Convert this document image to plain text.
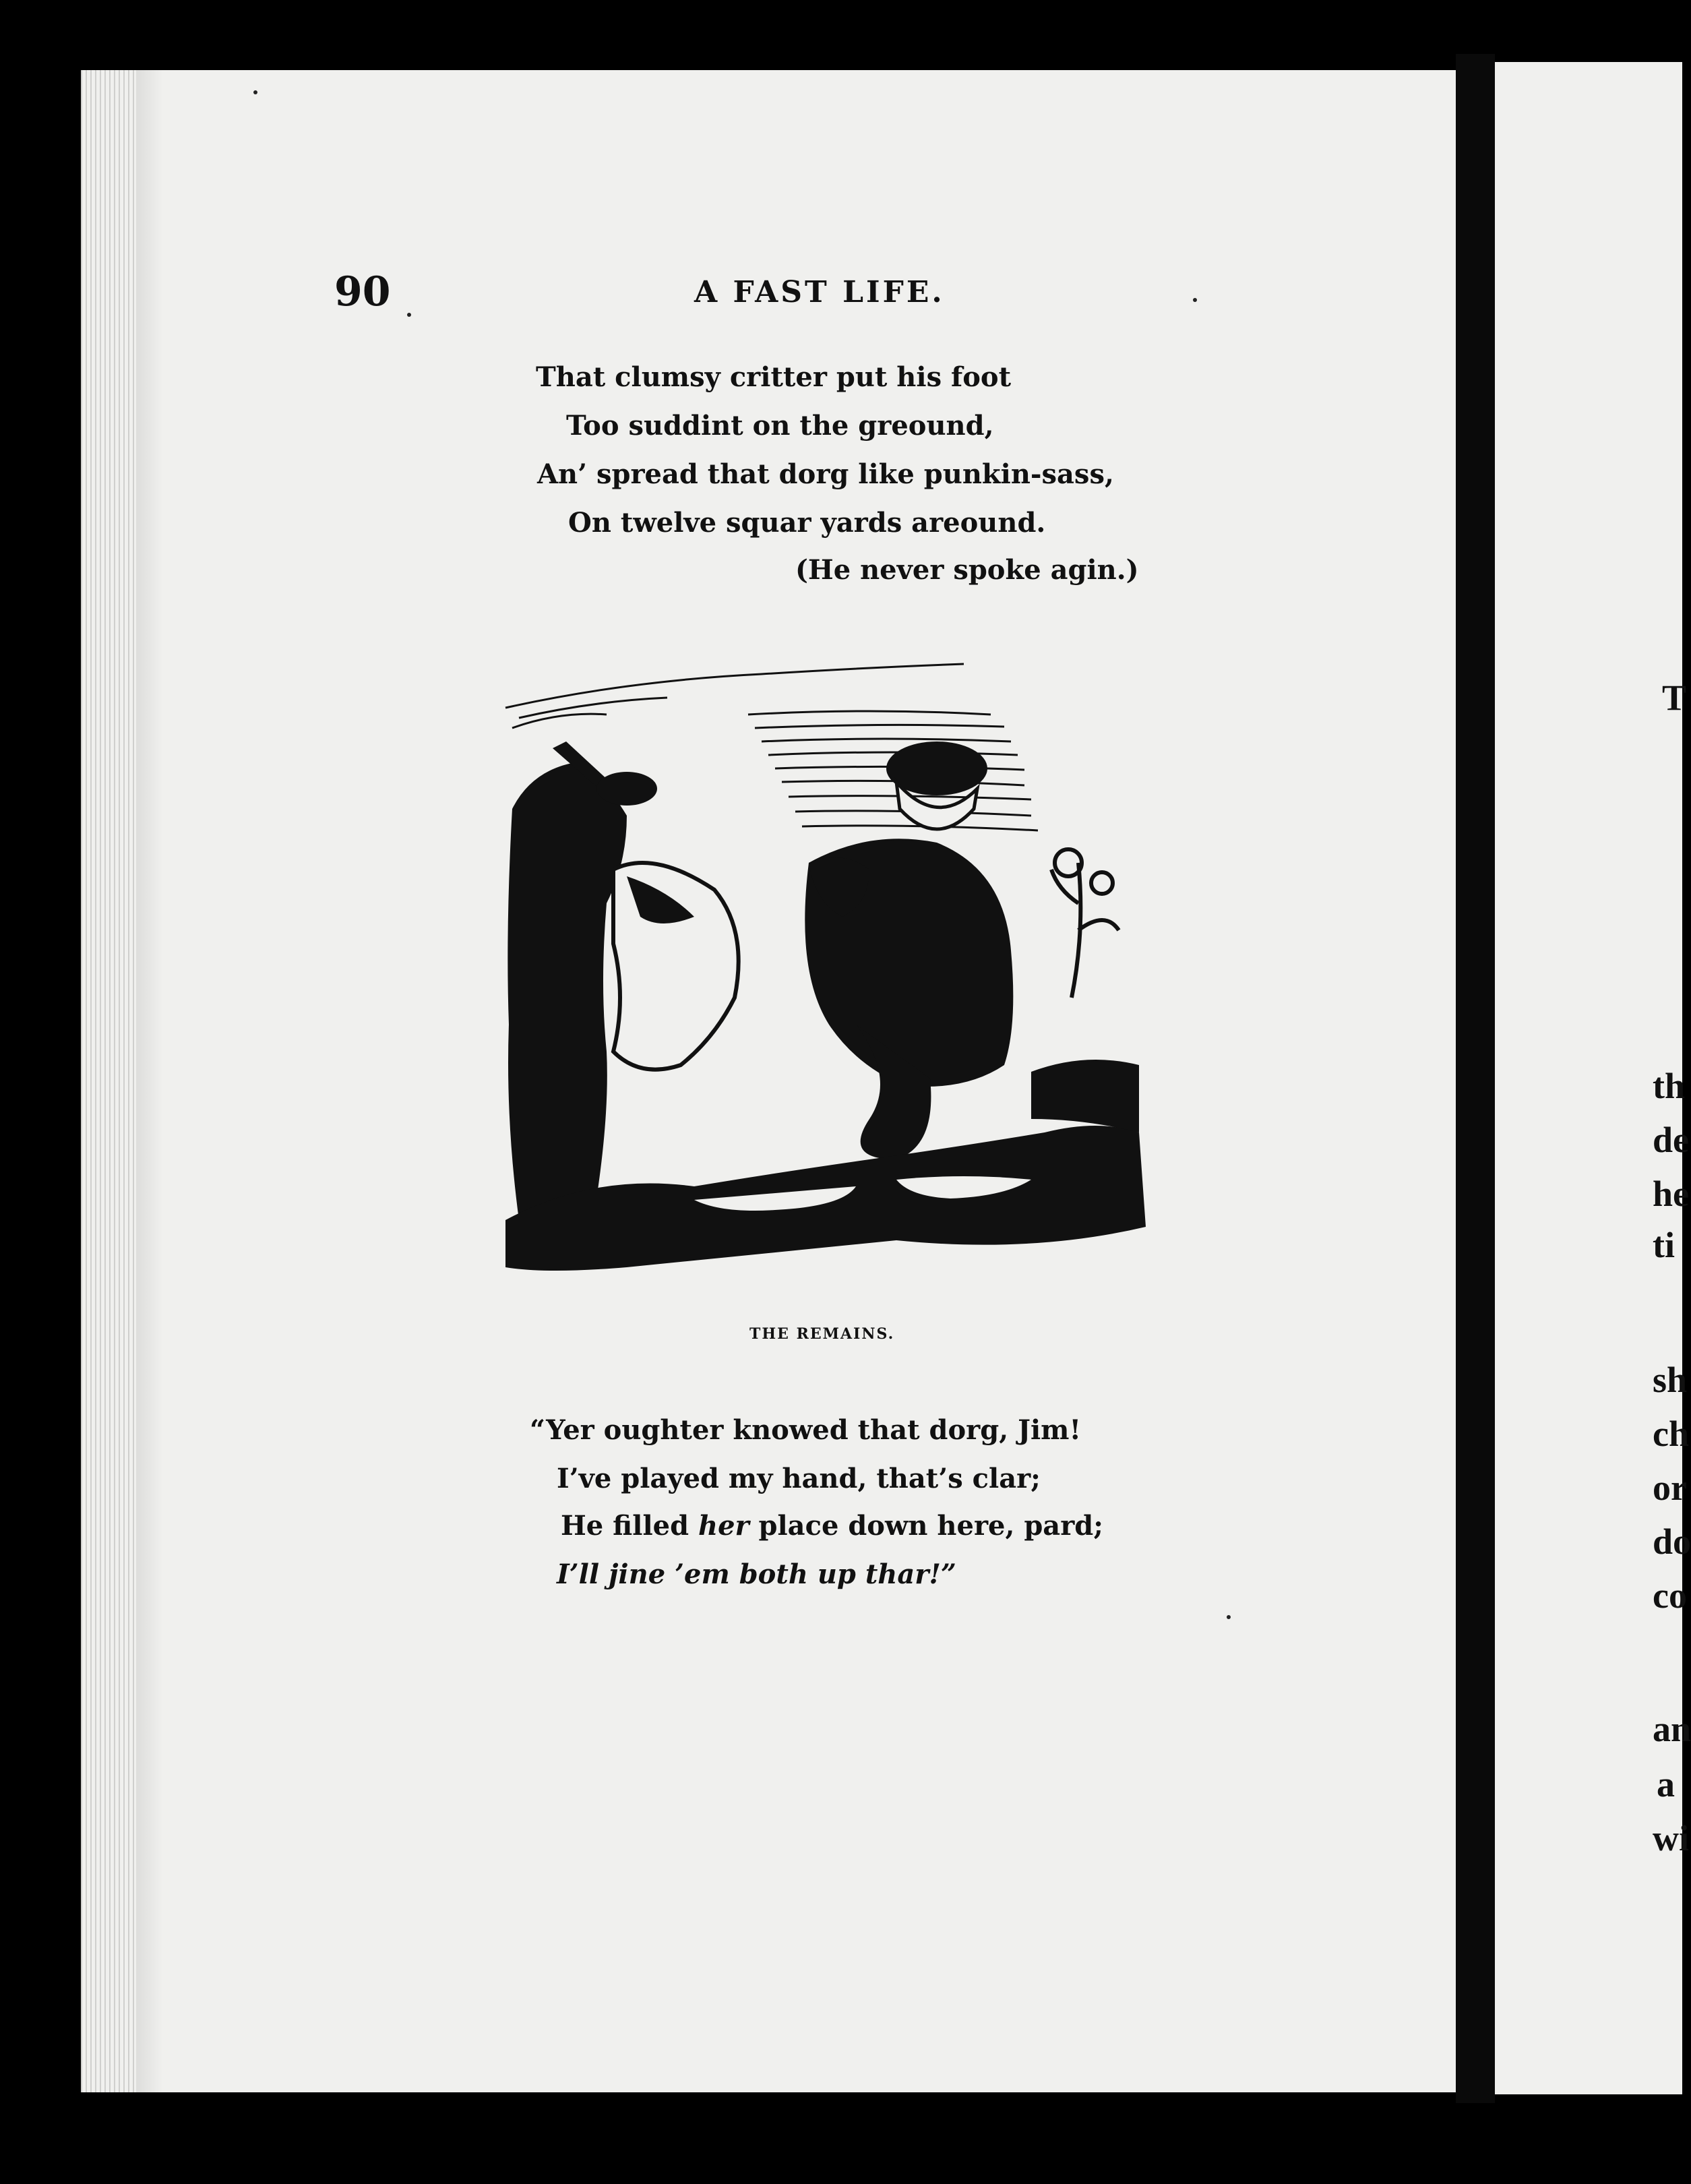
90	A FAST LIFE.
That clumsy critter put his foot
Too suddint on the greound,
An’ spread that dorg like punkin-sass,
On twelve squar yards areound.
(He never spoke agin.)
THE REMAINS.
“Yer oughter knowed that dorg, Jim!
I’ve played my hand, that’s clar;
He filled her place down here, pard;
I’ll jine ’em both up thar!”
T
th
de
he
ti
sh
ch
or
do
co
an
a
wi
